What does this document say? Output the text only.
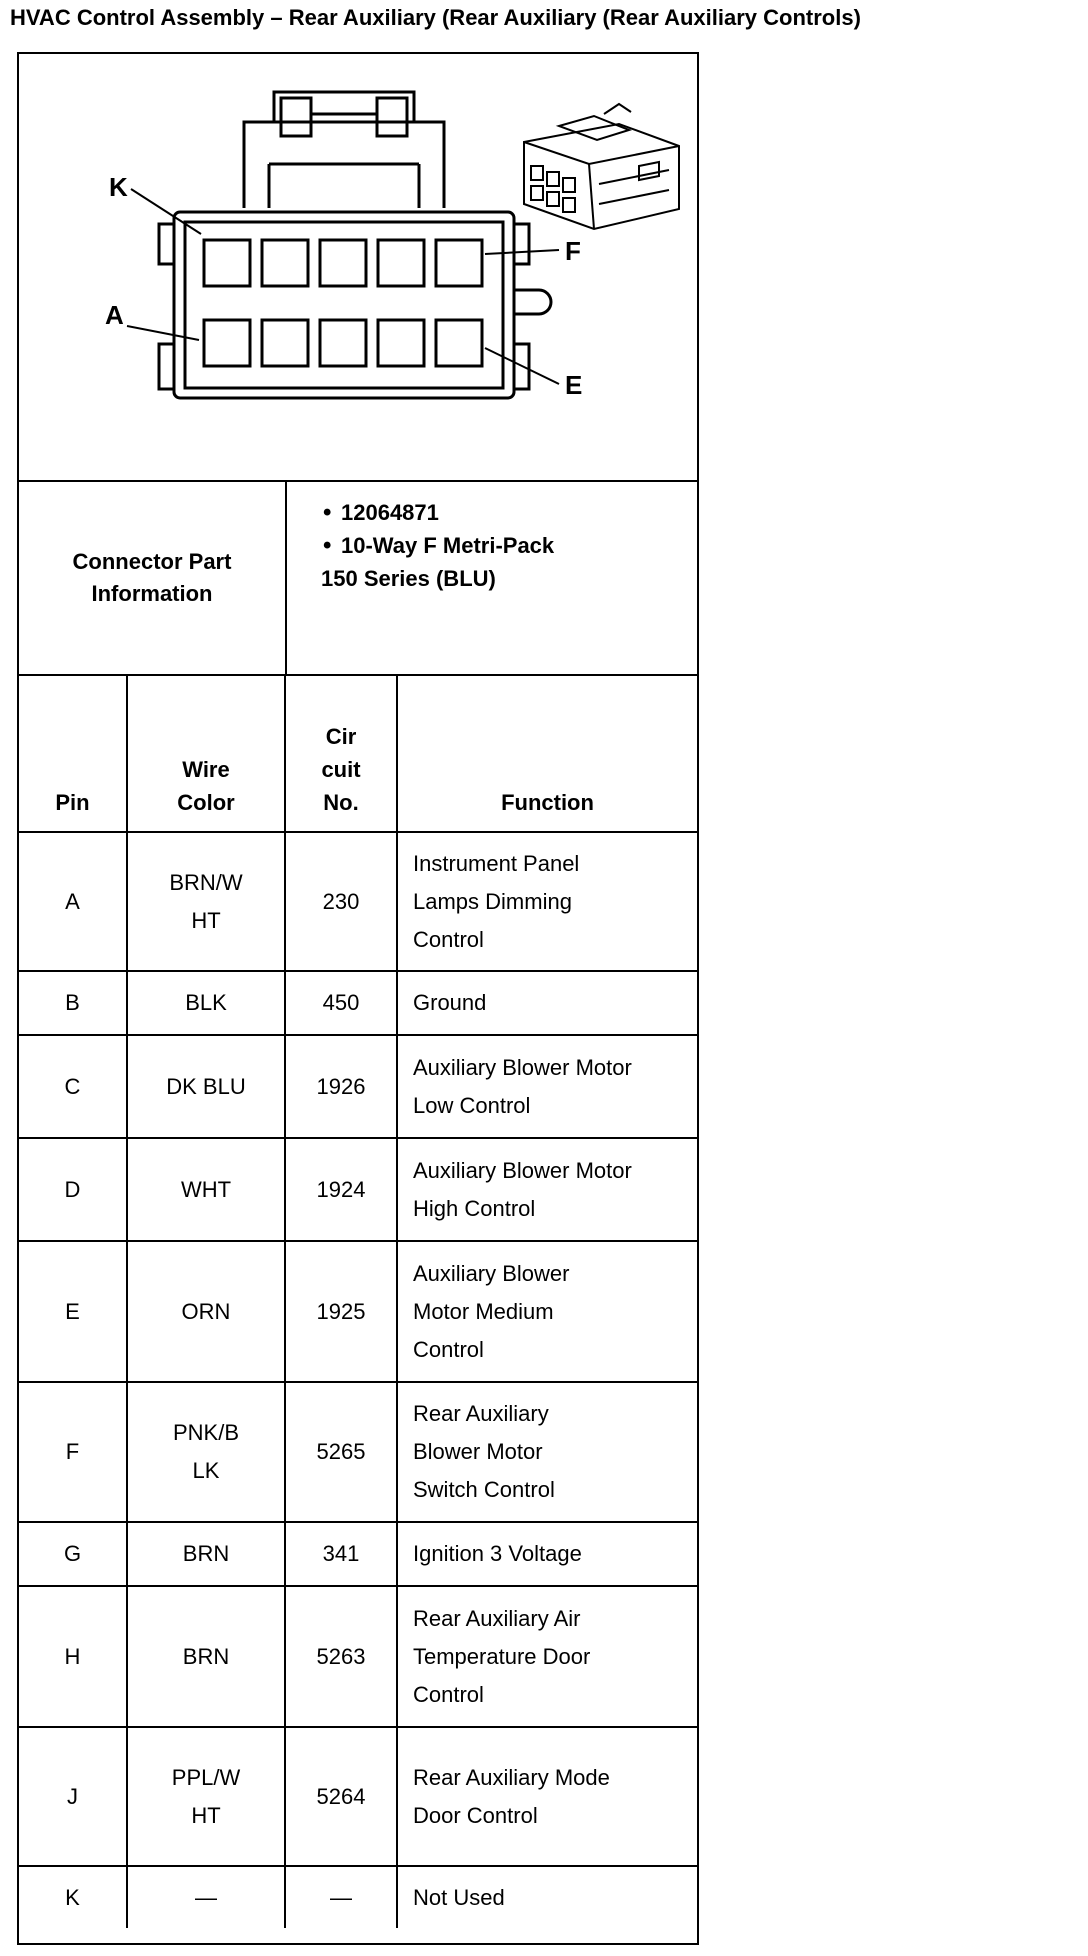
HVAC Control Assembly – Rear Auxiliary (Rear Auxiliary (Rear Auxiliary Controls)
K
F
A
E
Connector Part Information
• 12064871
• 10-Way F Metri-Pack
150 Series (BLU)
Pin	Wire Color	Cir cuit No.	Function
A	BRN/W HT	230	Instrument Panel Lamps Dimming Control
B	BLK	450	Ground
C	DK BLU	1926	Auxiliary Blower Motor Low Control
D	WHT	1924	Auxiliary Blower Motor High Control
E	ORN	1925	Auxiliary Blower Motor Medium Control
F	PNK/B LK	5265	Rear Auxiliary Blower Motor Switch Control
G	BRN	341	Ignition 3 Voltage
H	BRN	5263	Rear Auxiliary Air Temperature Door Control
J	PPL/W HT	5264	Rear Auxiliary Mode Door Control
K	—	—	Not Used
